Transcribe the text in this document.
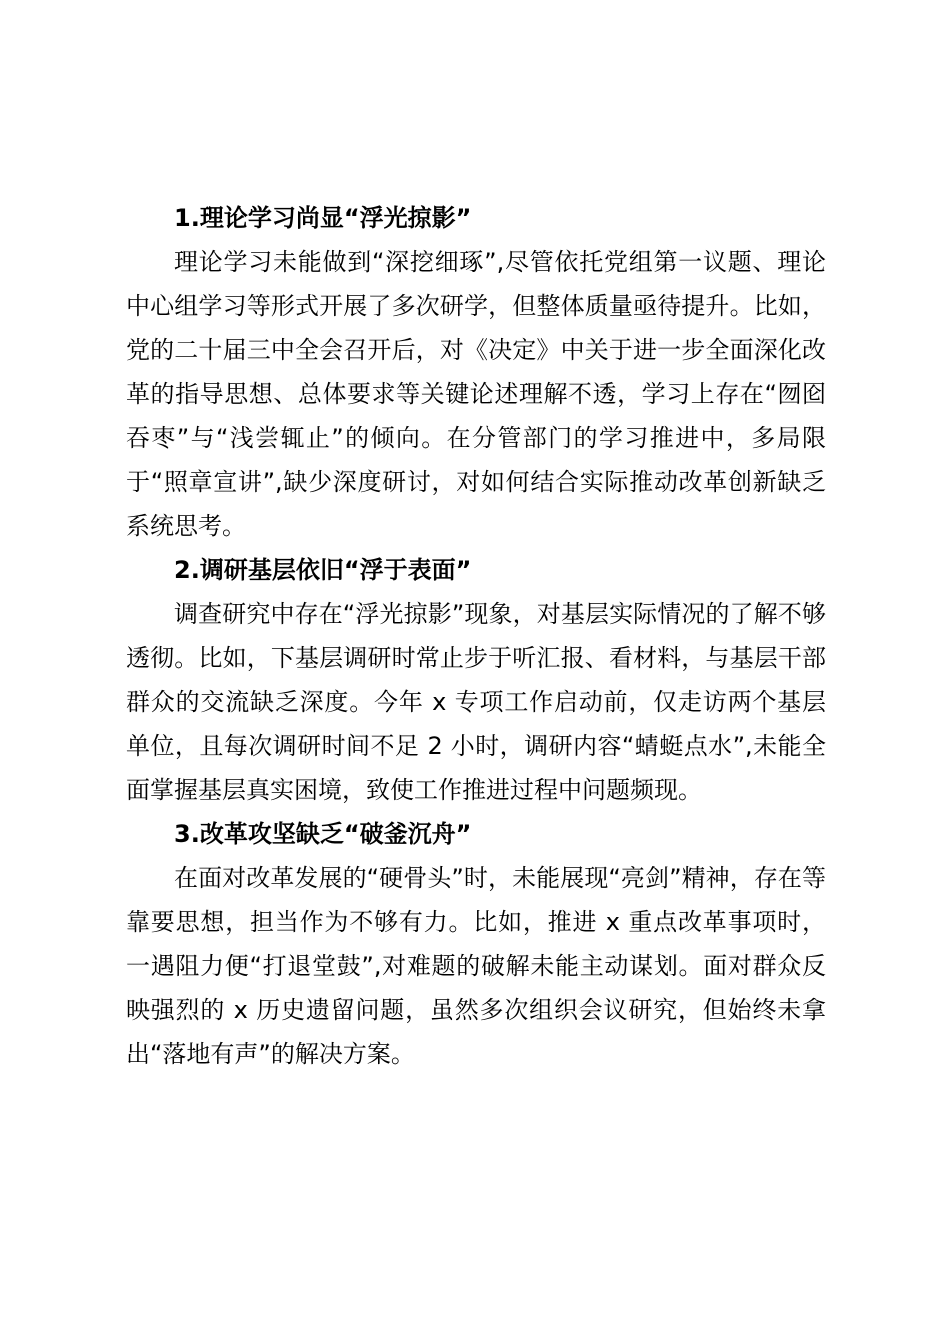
1.理论学习尚显“浮光掠影”

理论学习未能做到“深挖细琢”,尽管依托党组第一议题、理论中心组学习等形式开展了多次研学，但整体质量亟待提升。比如，党的二十届三中全会召开后，对《决定》中关于进一步全面深化改革的指导思想、总体要求等关键论述理解不透，学习上存在“囫囵吞枣”与“浅尝辄止”的倾向。在分管部门的学习推进中，多局限于“照章宣讲”,缺少深度研讨，对如何结合实际推动改革创新缺乏系统思考。

2.调研基层依旧“浮于表面”

调查研究中存在“浮光掠影”现象，对基层实际情况的了解不够透彻。比如，下基层调研时常止步于听汇报、看材料，与基层干部群众的交流缺乏深度。今年 x 专项工作启动前，仅走访两个基层单位，且每次调研时间不足 2 小时，调研内容“蜻蜓点水”,未能全面掌握基层真实困境，致使工作推进过程中问题频现。

3.改革攻坚缺乏“破釜沉舟”

在面对改革发展的“硬骨头”时，未能展现“亮剑”精神，存在等靠要思想，担当作为不够有力。比如，推进 x 重点改革事项时，一遇阻力便“打退堂鼓”,对难题的破解未能主动谋划。面对群众反映强烈的 x 历史遗留问题，虽然多次组织会议研究，但始终未拿出“落地有声”的解决方案。
